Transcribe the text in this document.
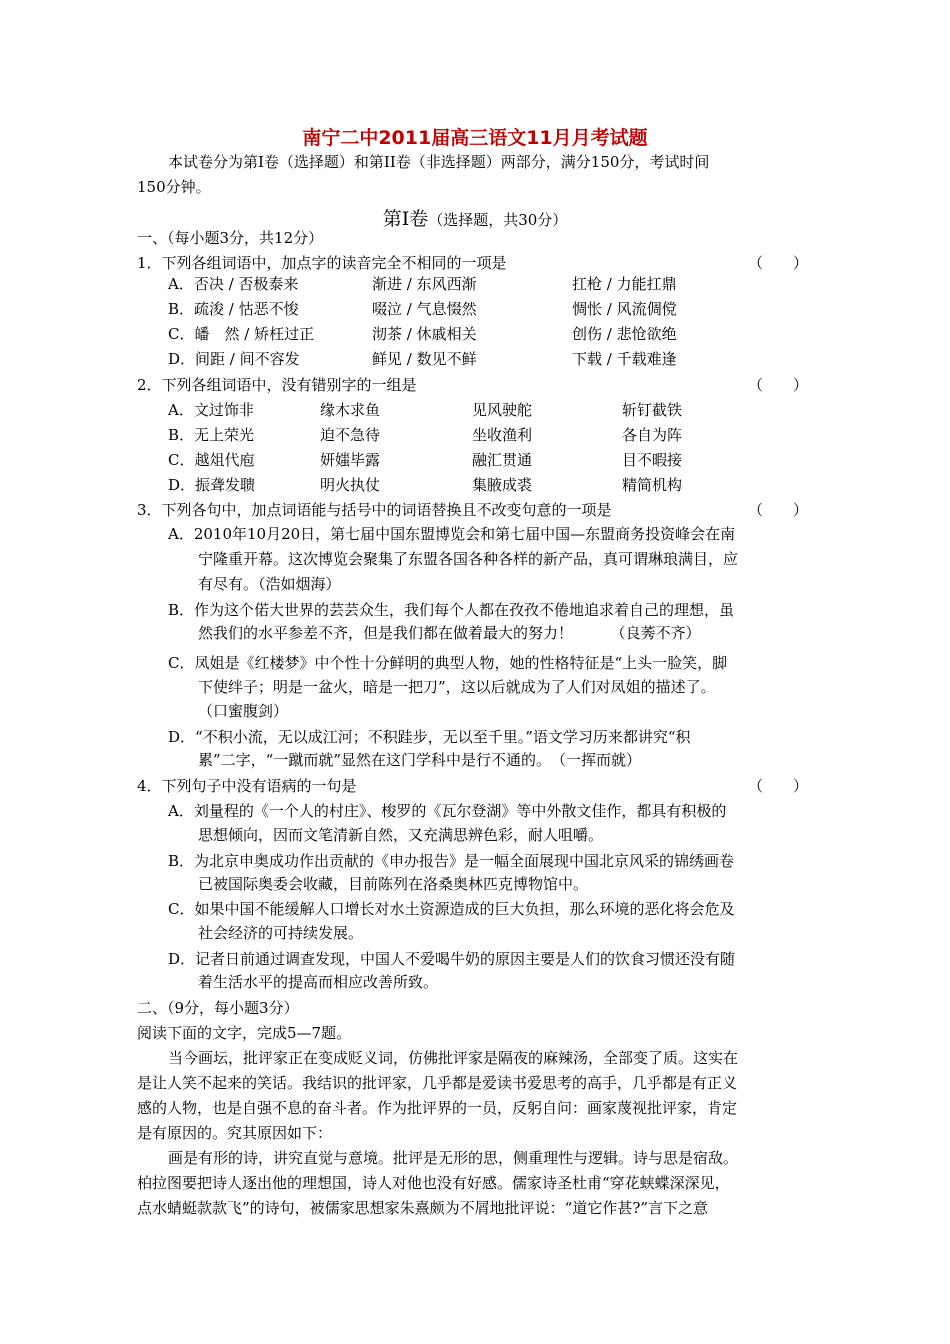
南宁二中2011届高三语文11月月考试题
本试卷分为第I卷（选择题）和第II卷（非选择题）两部分，满分150分，考试时间
150分钟。
第I卷（选择题，共30分）
一、（每小题3分，共12分）
1．下列各组词语中，加点字的读音完全不相同的一项是	（　　）
A．否决 / 否极泰来	渐进 / 东风西渐	扛枪 / 力能扛鼎
B．疏浚 / 怙恶不悛	啜泣 / 气息惙然	惆怅 / 风流倜傥
C．皤　然 / 矫枉过正	沏茶 / 休戚相关	创伤 / 悲怆欲绝
D．间距 / 间不容发	鲜见 / 数见不鲜	下载 / 千载难逢
2．下列各组词语中，没有错别字的一组是	（　　）
A．文过饰非	缘木求鱼	见风驶舵	斩钉截铁
B．无上荣光	迫不急待	坐收渔利	各自为阵
C．越俎代庖	妍媸毕露	融汇贯通	目不暇接
D．振聋发聩	明火执仗	集腋成裘	精简机构
3．下列各句中，加点词语能与括号中的词语替换且不改变句意的一项是	（　　）
A．2010年10月20日，第七届中国东盟博览会和第七届中国—东盟商务投资峰会在南
宁隆重开幕。这次博览会聚集了东盟各国各种各样的新产品，真可谓琳琅满目，应
有尽有。（浩如烟海）
B．作为这个偌大世界的芸芸众生，我们每个人都在孜孜不倦地追求着自己的理想，虽
然我们的水平参差不齐，但是我们都在做着最大的努力！　　　（良莠不齐）
C．凤姐是《红楼梦》中个性十分鲜明的典型人物，她的性格特征是“上头一脸笑，脚
下使绊子；明是一盆火，暗是一把刀”，这以后就成为了人们对凤姐的描述了。
（口蜜腹剑）
D．“不积小流，无以成江河；不积跬步，无以至千里。”语文学习历来都讲究“积
累”二字，“一蹴而就”显然在这门学科中是行不通的。　（一挥而就）
4．下列句子中没有语病的一句是	（　　）
A．刘量程的《一个人的村庄》、梭罗的《瓦尔登湖》等中外散文佳作，都具有积极的
思想倾向，因而文笔清新自然，又充满思辨色彩，耐人咀嚼。
B．为北京申奥成功作出贡献的《申办报告》是一幅全面展现中国北京风采的锦绣画卷
已被国际奥委会收藏，目前陈列在洛桑奥林匹克博物馆中。
C．如果中国不能缓解人口增长对水土资源造成的巨大负担，那么环境的恶化将会危及
社会经济的可持续发展。
D．记者日前通过调查发现，中国人不爱喝牛奶的原因主要是人们的饮食习惯还没有随
着生活水平的提高而相应改善所致。
二、（9分，每小题3分）
阅读下面的文字，完成5—7题。
当今画坛，批评家正在变成贬义词，仿佛批评家是隔夜的麻辣汤，全部变了质。这实在
是让人笑不起来的笑话。我结识的批评家，几乎都是爱读书爱思考的高手，几乎都是有正义
感的人物，也是自强不息的奋斗者。作为批评界的一员，反躬自问：画家蔑视批评家，肯定
是有原因的。究其原因如下：
画是有形的诗，讲究直觉与意境。批评是无形的思，侧重理性与逻辑。诗与思是宿敌。
柏拉图要把诗人逐出他的理想国，诗人对他也没有好感。儒家诗圣杜甫“穿花蛱蝶深深见，
点水蜻蜓款款飞”的诗句，被儒家思想家朱熹颇为不屑地批评说：“道它作甚?”言下之意
